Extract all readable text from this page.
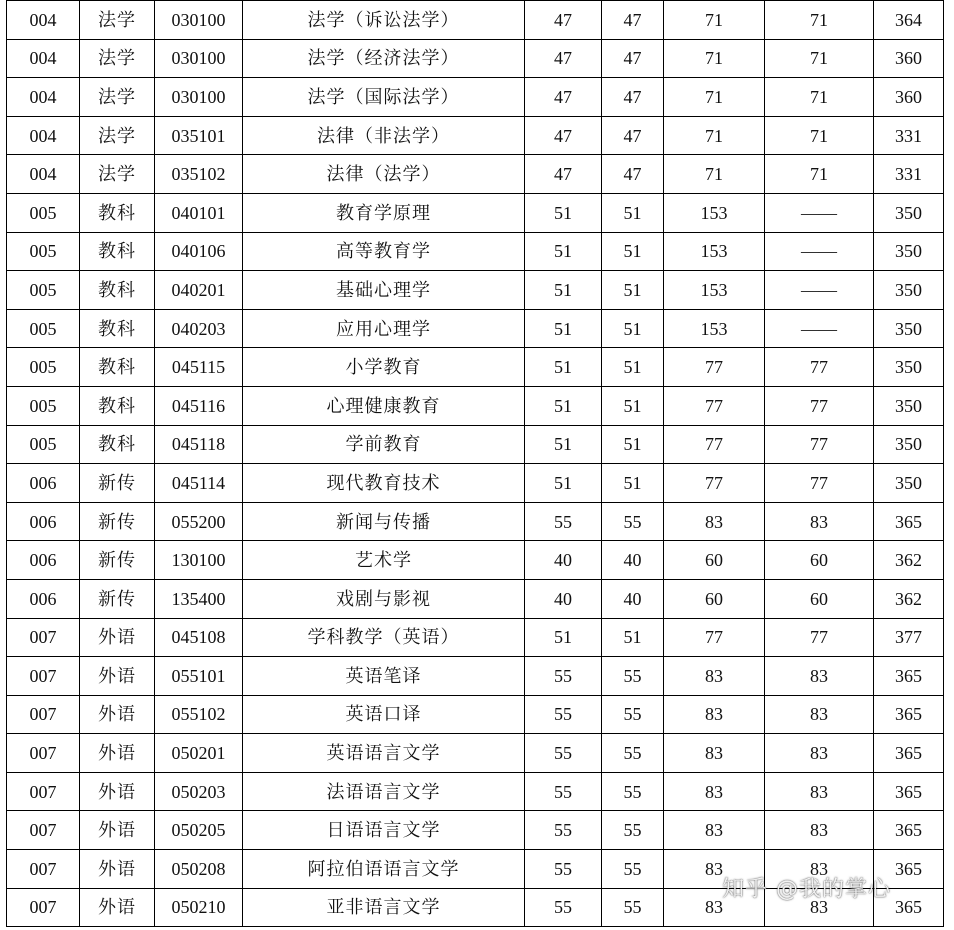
004	法学	030100	法学（诉讼法学）	47	47	71	71	364
004	法学	030100	法学（经济法学）	47	47	71	71	360
004	法学	030100	法学（国际法学）	47	47	71	71	360
004	法学	035101	法律（非法学）	47	47	71	71	331
004	法学	035102	法律（法学）	47	47	71	71	331
005	教科	040101	教育学原理	51	51	153	——	350
005	教科	040106	高等教育学	51	51	153	——	350
005	教科	040201	基础心理学	51	51	153	——	350
005	教科	040203	应用心理学	51	51	153	——	350
005	教科	045115	小学教育	51	51	77	77	350
005	教科	045116	心理健康教育	51	51	77	77	350
005	教科	045118	学前教育	51	51	77	77	350
006	新传	045114	现代教育技术	51	51	77	77	350
006	新传	055200	新闻与传播	55	55	83	83	365
006	新传	130100	艺术学	40	40	60	60	362
006	新传	135400	戏剧与影视	40	40	60	60	362
007	外语	045108	学科教学（英语）	51	51	77	77	377
007	外语	055101	英语笔译	55	55	83	83	365
007	外语	055102	英语口译	55	55	83	83	365
007	外语	050201	英语语言文学	55	55	83	83	365
007	外语	050203	法语语言文学	55	55	83	83	365
007	外语	050205	日语语言文学	55	55	83	83	365
007	外语	050208	阿拉伯语语言文学	55	55	83	83	365
007	外语	050210	亚非语言文学	55	55	83	83	365
知乎 @我的掌心
